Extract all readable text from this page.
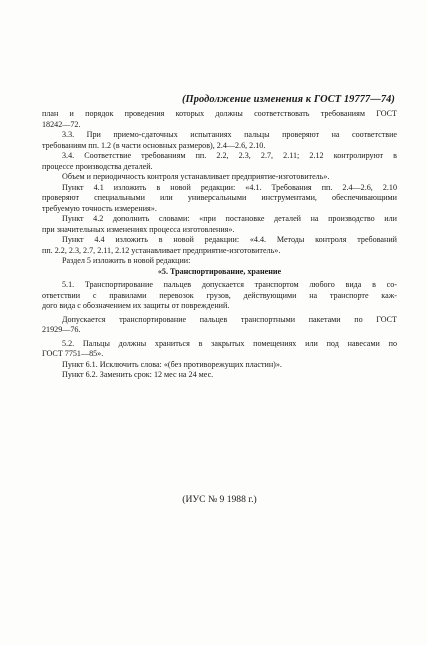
(Продолжение изменения к ГОСТ 19777—74)
план и порядок проведения которых должны соответствовать требованиям ГОСТ
18242—72.
3.3. При приемо-сдаточных испытаниях пальцы проверяют на соответствие
требованиям пп. 1.2 (в части основных размеров), 2.4—2.6, 2.10.
3.4. Соответствие требованиям пп. 2.2, 2.3, 2.7, 2.11; 2.12 контролируют в
процессе производства деталей.
Объем и периодичность контроля устанавливает предприятие-изготовитель».
Пункт 4.1 изложить в новой редакции: «4.1. Требования пп. 2.4—2.6, 2.10
проверяют специальными или универсальными инструментами, обеспечивающими
требуемую точность измерения».
Пункт 4.2 дополнить словами: «при постановке деталей на производство или
при значительных изменениях процесса изготовления».
Пункт 4.4 изложить в новой редакции: «4.4. Методы контроля требований
пп. 2.2, 2.3, 2.7, 2.11, 2.12 устанавливает предприятие-изготовитель».
Раздел 5 изложить в новой редакции:
«5. Транспортирование, хранение
5.1. Транспортирование пальцев допускается транспортом любого вида в со-
ответствии с правилами перевозок грузов, действующими на транспорте каж-
дого вида с обозначением их защиты от повреждений.
Допускается транспортирование пальцев транспортными пакетами по ГОСТ
21929—76.
5.2. Пальцы должны храниться в закрытых помещениях или под навесами по
ГОСТ 7751—85».
Пункт 6.1. Исключить слова: «(без противорежущих пластин)».
Пункт 6.2. Заменить срок: 12 мес на 24 мес.
(ИУС № 9 1988 г.)
